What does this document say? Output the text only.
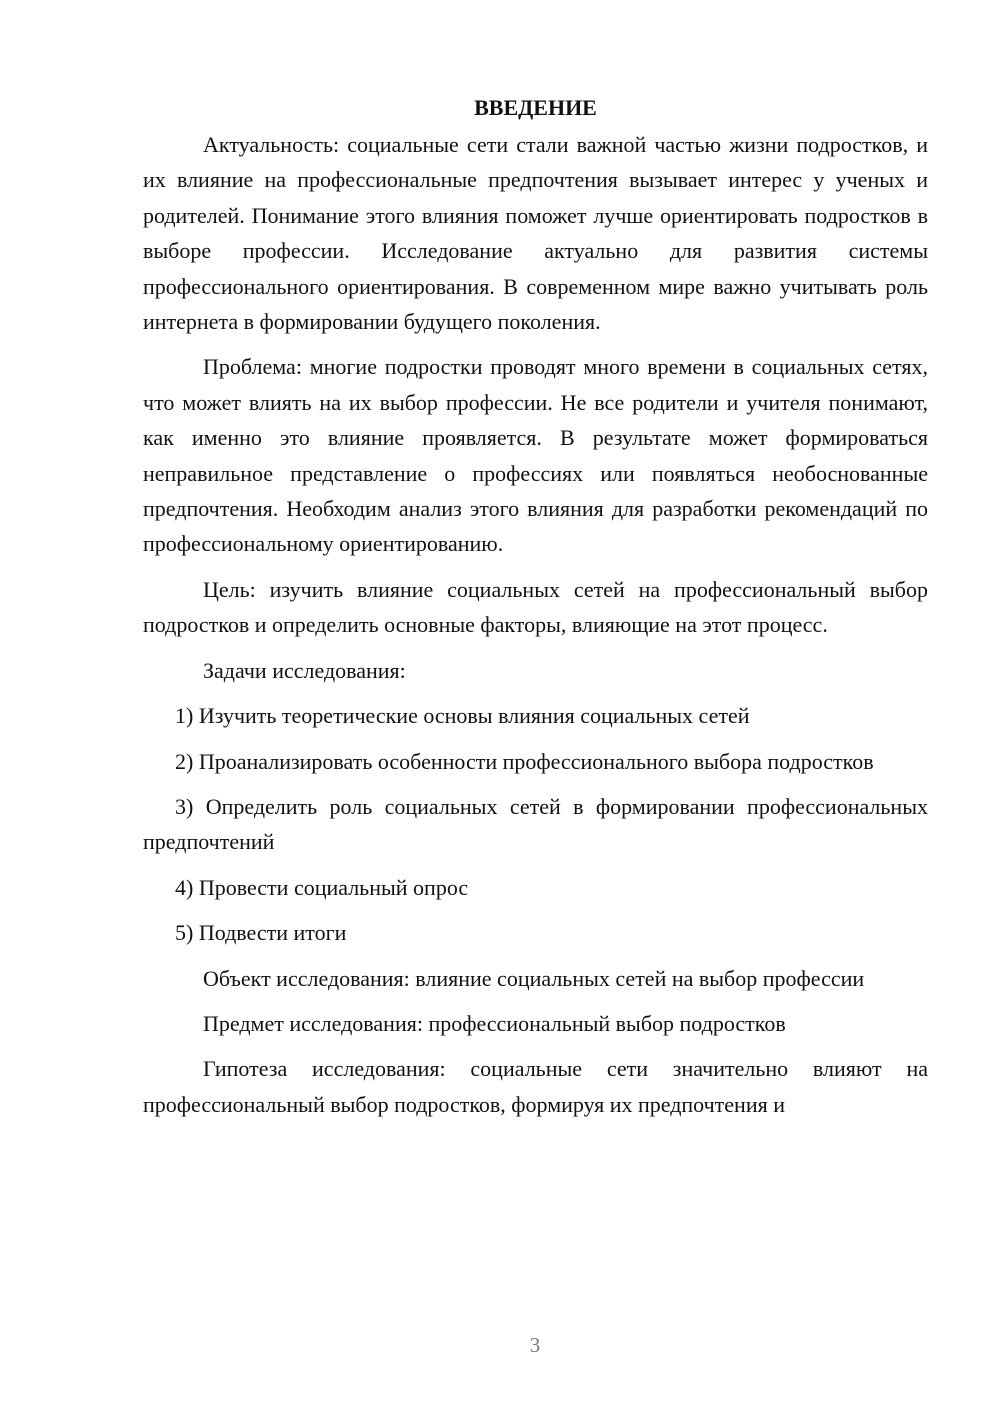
ВВЕДЕНИЕ

Актуальность: социальные сети стали важной частью жизни подростков, и их влияние на профессиональные предпочтения вызывает интерес у ученых и родителей. Понимание этого влияния поможет лучше ориентировать подростков в выборе профессии. Исследование актуально для развития системы профессионального ориентирования. В современном мире важно учитывать роль интернета в формировании будущего поколения.

Проблема: многие подростки проводят много времени в социальных сетях, что может влиять на их выбор профессии. Не все родители и учителя понимают, как именно это влияние проявляется. В результате может формироваться неправильное представление о профессиях или появляться необоснованные предпочтения. Необходим анализ этого влияния для разработки рекомендаций по профессиональному ориентированию.

Цель: изучить влияние социальных сетей на профессиональный выбор подростков и определить основные факторы, влияющие на этот процесс.

Задачи исследования:

1) Изучить теоретические основы влияния социальных сетей

2) Проанализировать особенности профессионального выбора подростков

3) Определить роль социальных сетей в формировании профессиональных предпочтений

4) Провести социальный опрос

5) Подвести итоги

Объект исследования: влияние социальных сетей на выбор профессии

Предмет исследования: профессиональный выбор подростков

Гипотеза исследования: социальные сети значительно влияют на профессиональный выбор подростков, формируя их предпочтения и

3
